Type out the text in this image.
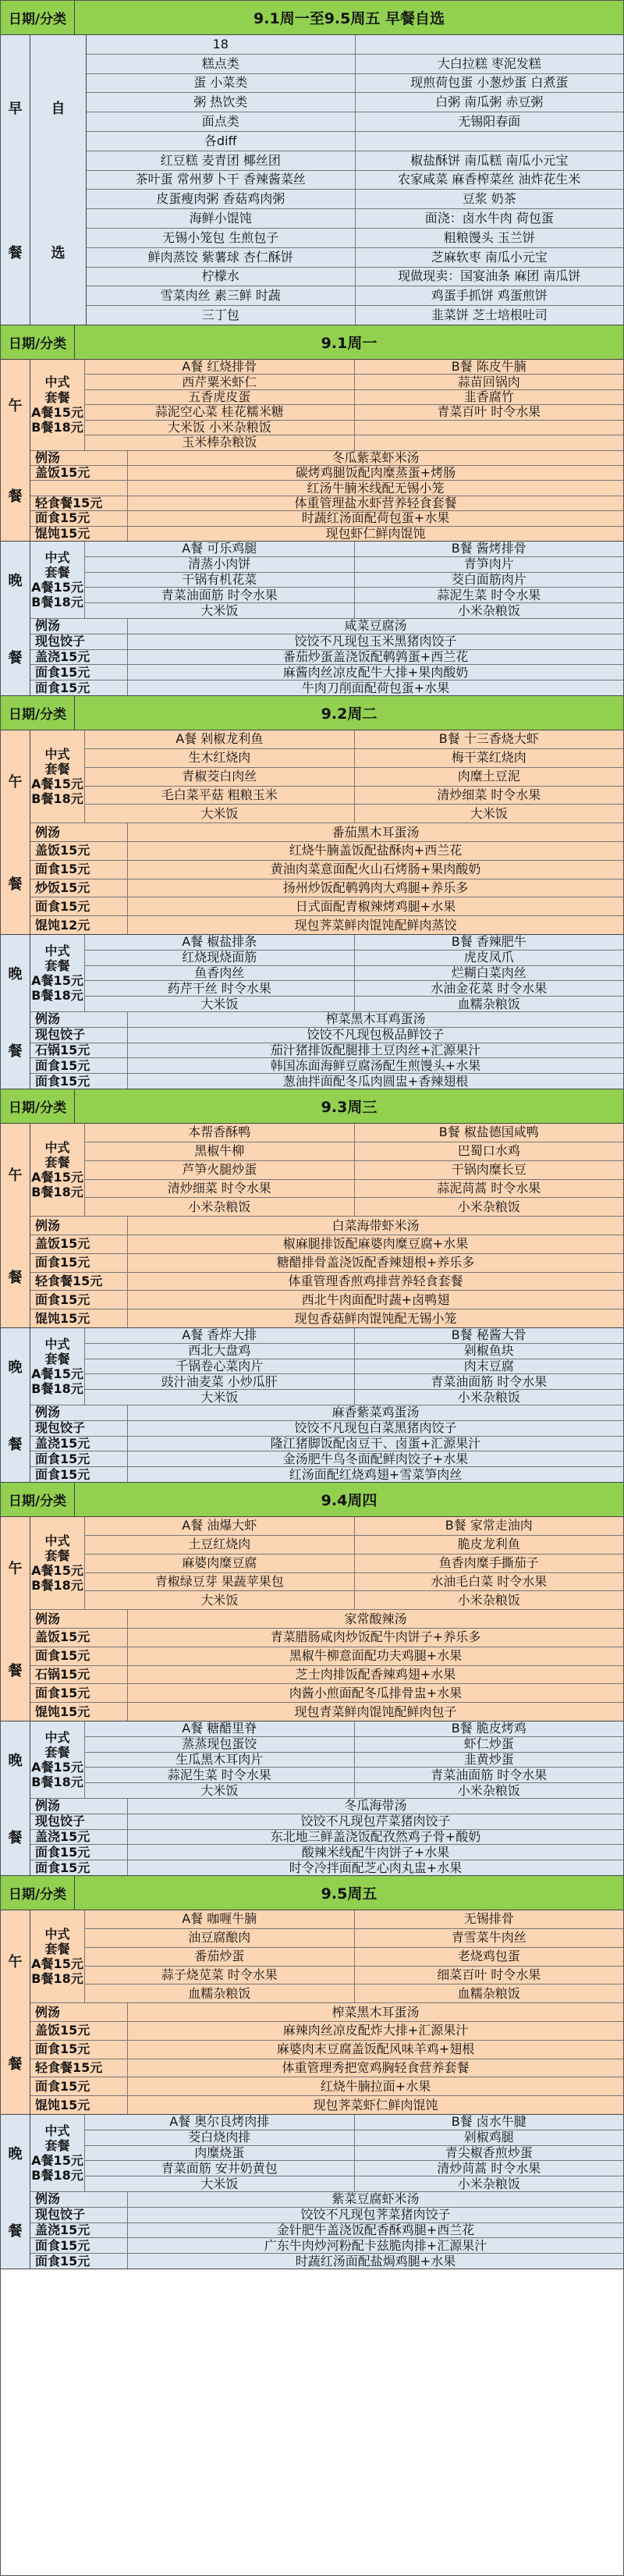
日期/分类	9.1周一至9.5周五 早餐自选
早
餐
自
选
18
糕点类	大白拉糕 枣泥发糕
蛋 小菜类	现煎荷包蛋 小葱炒蛋 白煮蛋
粥 热饮类	白粥 南瓜粥 赤豆粥
面点类	无锡阳春面
各diff
红豆糕 麦青团 椰丝团	椒盐酥饼 南瓜糕 南瓜小元宝
茶叶蛋 常州萝卜干 香辣酱菜丝	农家咸菜 麻香榨菜丝 油炸花生米
皮蛋瘦肉粥 香菇鸡肉粥	豆浆 奶茶
海鲜小馄饨	面浇：卤水牛肉 荷包蛋
无锡小笼包 生煎包子	粗粮馒头 玉兰饼
鲜肉蒸饺 紫薯球 杏仁酥饼	芝麻软枣 南瓜小元宝
柠檬水	现做现卖：国宴油条 麻团 南瓜饼
雪菜肉丝 素三鲜 时蔬	鸡蛋手抓饼 鸡蛋煎饼
三丁包	韭菜饼 芝士培根吐司
日期/分类	9.1周一
午
餐
中式
套餐
A餐15元
B餐18元
A餐 红烧排骨	B餐 陈皮牛腩
西芹粟米虾仁	蒜苗回锅肉
五香虎皮蛋	韭香腐竹
蒜泥空心菜 桂花糯米糖	青菜百叶 时令水果
大米饭 小米杂粮饭
玉米棒杂粮饭
例汤	冬瓜紫菜虾米汤
盖饭15元	碳烤鸡腿饭配肉糜蒸蛋+烤肠
红汤牛腩米线配无锡小笼
轻食餐15元	体重管理盐水虾营养轻食套餐
面食15元	时蔬红汤面配荷包蛋+水果
馄饨15元	现包虾仁鲜肉馄饨
晚
餐
中式
套餐
A餐15元
B餐18元
A餐 可乐鸡腿	B餐 酱烤排骨
清蒸小肉饼	青笋肉片
干锅有机花菜	茭白面筋肉片
青菜油面筋 时令水果	蒜泥生菜 时令水果
大米饭	小米杂粮饭
例汤	咸菜豆腐汤
现包饺子	饺饺不凡现包玉米黑猪肉饺子
盖浇15元	番茄炒蛋盖浇饭配鹌鹑蛋+西兰花
面食15元	麻酱肉丝凉皮配牛大排+果肉酸奶
面食15元	牛肉刀削面配荷包蛋+水果
日期/分类	9.2周二
午
餐
中式
套餐
A餐15元
B餐18元
A餐 剁椒龙利鱼	B餐 十三香烧大虾
生木红烧肉	梅干菜红烧肉
青椒茭白肉丝	肉糜土豆泥
毛白菜平菇 粗粮玉米	清炒细菜 时令水果
大米饭	大米饭
例汤	番茄黑木耳蛋汤
盖饭15元	红烧牛腩盖饭配盐酥肉+西兰花
面食15元	黄油肉菜意面配火山石烤肠+果肉酸奶
炒饭15元	扬州炒饭配鹌鹑肉大鸡腿+养乐多
面食15元	日式面配青椒辣烤鸡腿+水果
馄饨12元	现包荠菜鲜肉馄饨配鲜肉蒸饺
晚
餐
中式
套餐
A餐15元
B餐18元
A餐 椒盐排条	B餐 香辣肥牛
红烧现烧面筋	虎皮凤爪
鱼香肉丝	烂糊白菜肉丝
药芹干丝 时令水果	水油金花菜 时令水果
大米饭	血糯杂粮饭
例汤	榨菜黑木耳鸡蛋汤
现包饺子	饺饺不凡现包极品鲜饺子
石锅15元	茄汁猪排饭配腿排土豆肉丝+汇源果汁
面食15元	韩国冻面海鲜豆腐汤配生煎馒头+水果
面食15元	葱油拌面配冬瓜肉圆盅+香辣翅根
日期/分类	9.3周三
午
餐
中式
套餐
A餐15元
B餐18元
本帮香酥鸭	B餐 椒盐德国咸鸭
黑椒牛柳	巴蜀口水鸡
芦笋火腿炒蛋	干锅肉糜长豆
清炒细菜 时令水果	蒜泥苘蒿 时令水果
小米杂粮饭	小米杂粮饭
例汤	白菜海带虾米汤
盖饭15元	椒麻腿排饭配麻婆肉糜豆腐+水果
面食15元	糖醋排骨盖浇饭配香辣翅根+养乐多
轻食餐15元	体重管理香煎鸡排营养轻食套餐
面食15元	西北牛肉面配时蔬+卤鸭翅
馄饨15元	现包香菇鲜肉馄饨配无锡小笼
晚
餐
中式
套餐
A餐15元
B餐18元
A餐 香炸大排	B餐 秘酱大骨
西北大盘鸡	剁椒鱼块
千锅卷心菜肉片	肉末豆腐
豉汁油麦菜 小炒瓜肝	青菜油面筋 时令水果
大米饭	小米杂粮饭
例汤	麻香紫菜鸡蛋汤
现包饺子	饺饺不凡现包白菜黑猪肉饺子
盖浇15元	隆江猪脚饭配卤豆干、卤蛋+汇源果汁
面食15元	金汤肥牛鸟冬面配鲜肉饺子+水果
面食15元	红汤面配红烧鸡翅+雪菜笋肉丝
日期/分类	9.4周四
午
餐
中式
套餐
A餐15元
B餐18元
A餐 油爆大虾	B餐 家常走油肉
土豆红烧肉	脆皮龙利鱼
麻婆肉糜豆腐	鱼香肉糜手撕茄子
青椒绿豆芽 果蔬苹果包	水油毛白菜 时令水果
大米饭	小米杂粮饭
例汤	家常酸辣汤
盖饭15元	青菜腊肠咸肉炒饭配牛肉饼子+养乐多
面食15元	黑椒牛柳意面配功夫鸡腿+水果
石锅15元	芝士肉排饭配香辣鸡翅+水果
面食15元	肉酱小煎面配冬瓜排骨盅+水果
馄饨15元	现包青菜鲜肉馄饨配鲜肉包子
晚
餐
中式
套餐
A餐15元
B餐18元
A餐 糖醋里脊	B餐 脆皮烤鸡
蒸蒸现包蛋饺	虾仁炒蛋
生瓜黑木耳肉片	韭黄炒蛋
蒜泥生菜 时令水果	青菜油面筋 时令水果
大米饭	小米杂粮饭
例汤	冬瓜海带汤
现包饺子	饺饺不凡现包芹菜猪肉饺子
盖浇15元	东北地三鲜盖浇饭配孜然鸡子骨+酸奶
面食15元	酸辣米线配牛肉饼子+水果
面食15元	时令冷拌面配芝心肉丸盅+水果
日期/分类	9.5周五
午
餐
中式
套餐
A餐15元
B餐18元
A餐 咖喱牛腩	无锡排骨
油豆腐酿肉	青雪菜牛肉丝
番茄炒蛋	老烧鸡包蛋
蒜子烧苋菜 时令水果	细菜百叶 时令水果
血糯杂粮饭	血糯杂粮饭
例汤	榨菜黑木耳蛋汤
盖饭15元	麻辣肉丝凉皮配炸大排+汇源果汁
面食15元	麻婆肉末豆腐盖饭配风味羊鸡+翅根
轻食餐15元	体重管理秀把宽鸡胸轻食营养套餐
面食15元	红烧牛腩拉面+水果
馄饨15元	现包荠菜虾仁鲜肉馄饨
晚
餐
中式
套餐
A餐15元
B餐18元
A餐 奥尔良烤肉排	B餐 卤水牛腱
茭白烧肉排	剁椒鸡腿
肉糜烧蛋	青尖椒香煎炒蛋
青菜面筋 安井奶黄包	清炒苘蒿 时令水果
大米饭	小米杂粮饭
例汤	紫菜豆腐虾米汤
现包饺子	饺饺不凡现包荠菜猪肉饺子
盖浇15元	金针肥牛盖浇饭配香酥鸡腿+西兰花
面食15元	广东牛肉炒河粉配卡兹脆肉排+汇源果汁
面食15元	时蔬红汤面配盐焗鸡腿+水果
